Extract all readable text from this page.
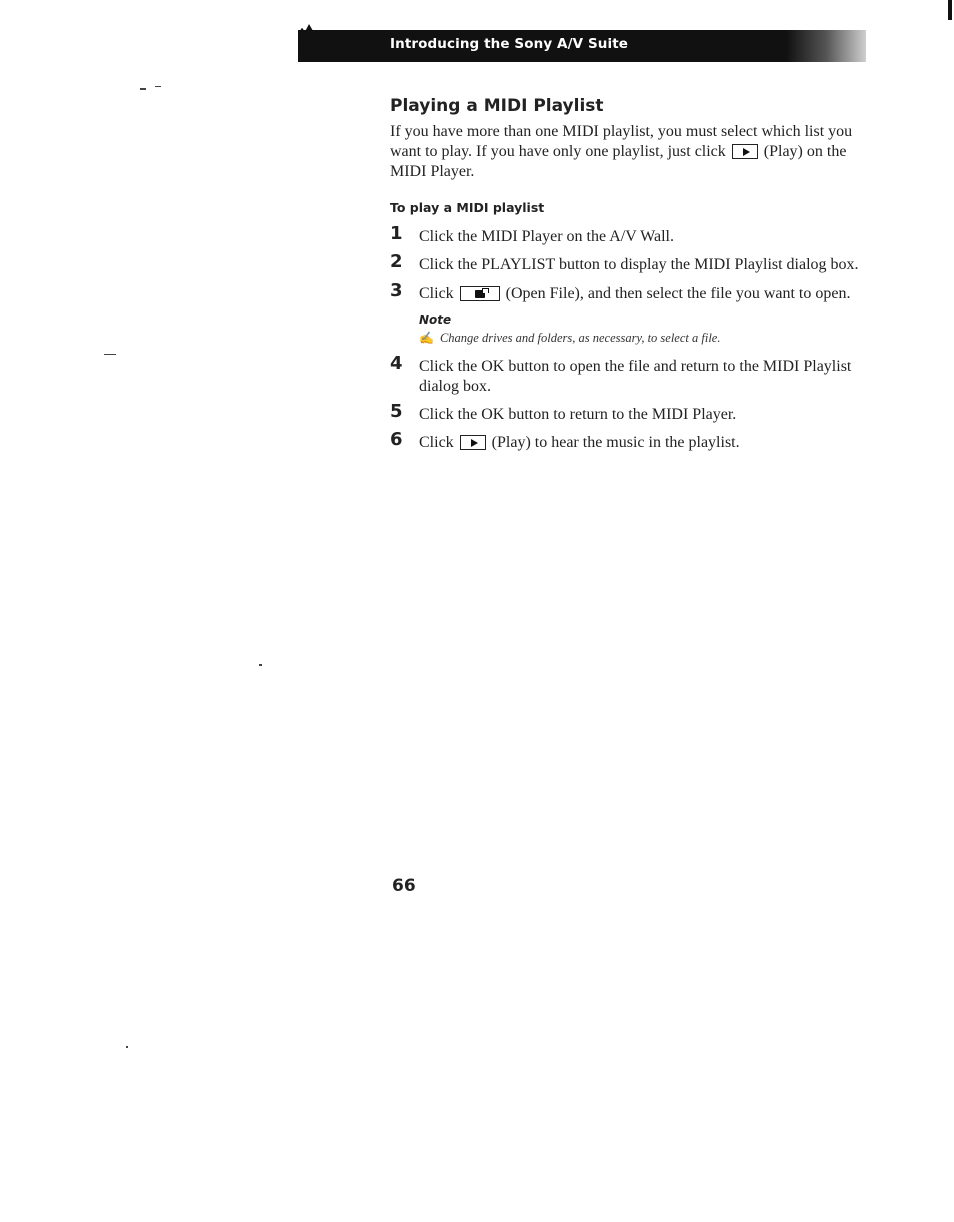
Introducing the Sony A/V Suite
Playing a MIDI Playlist

If you have more than one MIDI playlist, you must select which list you
want to play. If you have only one playlist, just click (Play) on the
MIDI Player.

To play a MIDI playlist
1 Click the MIDI Player on the A/V Wall.
2 Click the PLAYLIST button to display the MIDI Playlist dialog box.
3 Click	(Open File), and then select the file you want to open.
Note
✍ Change drives and folders, as necessary, to select a file.
4 Click the OK button to open the file and return to the MIDI Playlist
dialog box.
5 Click the OK button to return to the MIDI Player.
6 Click (Play) to hear the music in the playlist.
66
